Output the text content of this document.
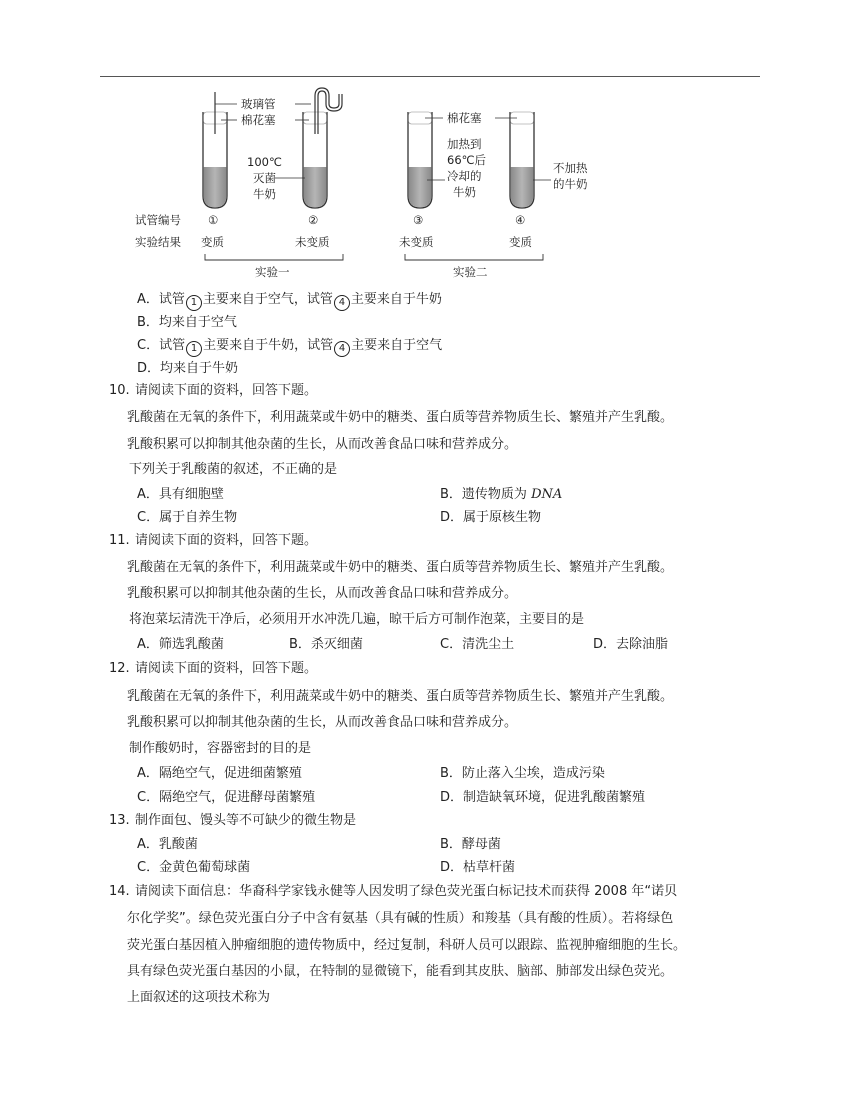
玻璃管
棉花塞	棉花塞
100℃
灭菌
牛奶
加热到
66℃后
冷却的
牛奶
不加热
的牛奶
试管编号
实验结果
①	②	③	④
变质	未变质	未变质	变质
实验一	实验二
A．试管 1 主要来自于空气，试管 4 主要来自于牛奶
B．均来自于空气
C．试管 1 主要来自于牛奶，试管 4 主要来自于空气
D．均来自于牛奶
10. 请阅读下面的资料，回答下题。
乳酸菌在无氧的条件下，利用蔬菜或牛奶中的糖类、蛋白质等营养物质生长、繁殖并产生乳酸。
乳酸积累可以抑制其他杂菌的生长，从而改善食品口味和营养成分。
下列关于乳酸菌的叙述，不正确的是
A．具有细胞壁	B．遗传物质为 DNA
C．属于自养生物	D．属于原核生物
11. 请阅读下面的资料，回答下题。
乳酸菌在无氧的条件下，利用蔬菜或牛奶中的糖类、蛋白质等营养物质生长、繁殖并产生乳酸。
乳酸积累可以抑制其他杂菌的生长，从而改善食品口味和营养成分。
将泡菜坛清洗干净后，必须用开水冲洗几遍，晾干后方可制作泡菜，主要目的是
A．筛选乳酸菌	B．杀灭细菌	C．清洗尘土	D．去除油脂
12. 请阅读下面的资料，回答下题。
乳酸菌在无氧的条件下，利用蔬菜或牛奶中的糖类、蛋白质等营养物质生长、繁殖并产生乳酸。
乳酸积累可以抑制其他杂菌的生长，从而改善食品口味和营养成分。
制作酸奶时，容器密封的目的是
A．隔绝空气，促进细菌繁殖	B．防止落入尘埃，造成污染
C．隔绝空气，促进酵母菌繁殖	D．制造缺氧环境，促进乳酸菌繁殖
13. 制作面包、馒头等不可缺少的微生物是
A．乳酸菌	B．酵母菌
C．金黄色葡萄球菌	D．枯草杆菌
14. 请阅读下面信息：华裔科学家钱永健等人因发明了绿色荧光蛋白标记技术而获得 2008 年“诺贝
尔化学奖”。绿色荧光蛋白分子中含有氨基（具有碱的性质）和羧基（具有酸的性质）。若将绿色
荧光蛋白基因植入肿瘤细胞的遗传物质中，经过复制，科研人员可以跟踪、监视肿瘤细胞的生长。
具有绿色荧光蛋白基因的小鼠，在特制的显微镜下，能看到其皮肤、脑部、肺部发出绿色荧光。
上面叙述的这项技术称为
